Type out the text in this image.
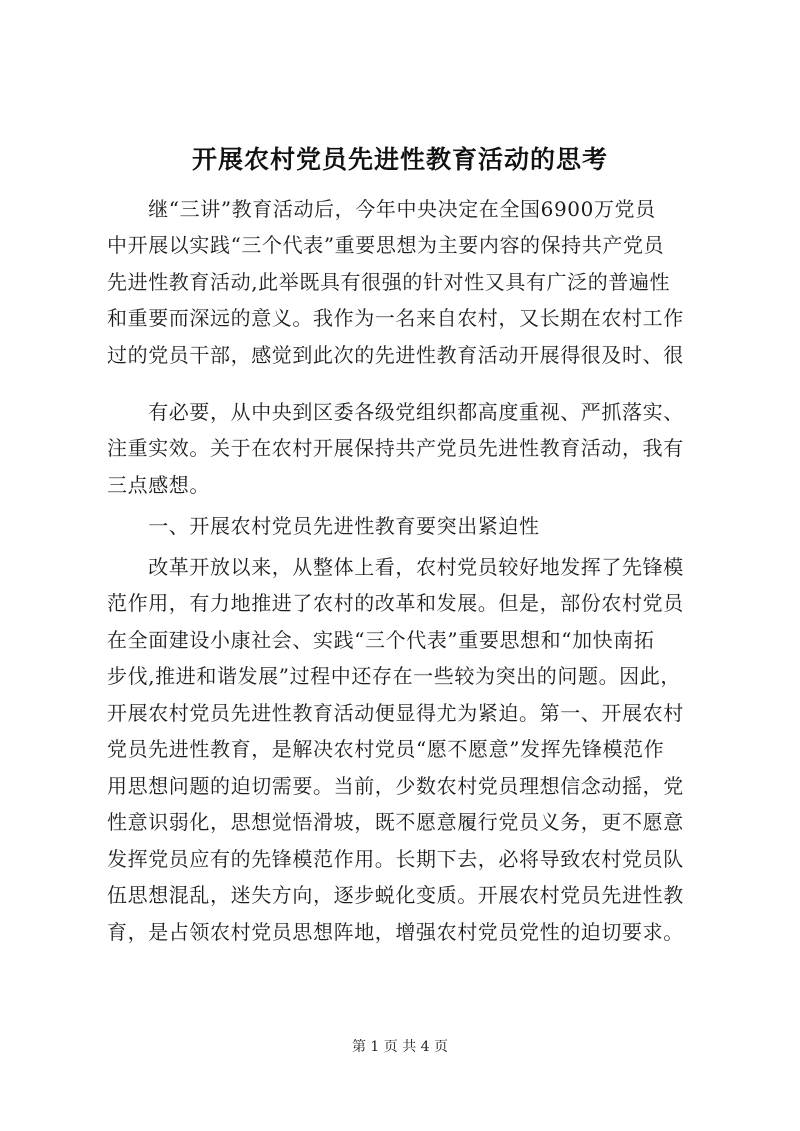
开展农村党员先进性教育活动的思考
　　继“三讲”教育活动后，今年中央决定在全国6900万党员
中开展以实践“三个代表”重要思想为主要内容的保持共产党员
先进性教育活动,此举既具有很强的针对性又具有广泛的普遍性
和重要而深远的意义。我作为一名来自农村，又长期在农村工作
过的党员干部，感觉到此次的先进性教育活动开展得很及时、很
　　有必要，从中央到区委各级党组织都高度重视、严抓落实、
注重实效。关于在农村开展保持共产党员先进性教育活动，我有
三点感想。
　　一、开展农村党员先进性教育要突出紧迫性
　　改革开放以来，从整体上看，农村党员较好地发挥了先锋模
范作用，有力地推进了农村的改革和发展。但是，部份农村党员
在全面建设小康社会、实践“三个代表”重要思想和“加快南拓
步伐,推进和谐发展”过程中还存在一些较为突出的问题。因此，
开展农村党员先进性教育活动便显得尤为紧迫。第一、开展农村
党员先进性教育，是解决农村党员“愿不愿意”发挥先锋模范作
用思想问题的迫切需要。当前，少数农村党员理想信念动摇，党
性意识弱化，思想觉悟滑坡，既不愿意履行党员义务，更不愿意
发挥党员应有的先锋模范作用。长期下去，必将导致农村党员队
伍思想混乱，迷失方向，逐步蜕化变质。开展农村党员先进性教
育，是占领农村党员思想阵地，增强农村党员党性的迫切要求。
第 1 页 共 4 页
